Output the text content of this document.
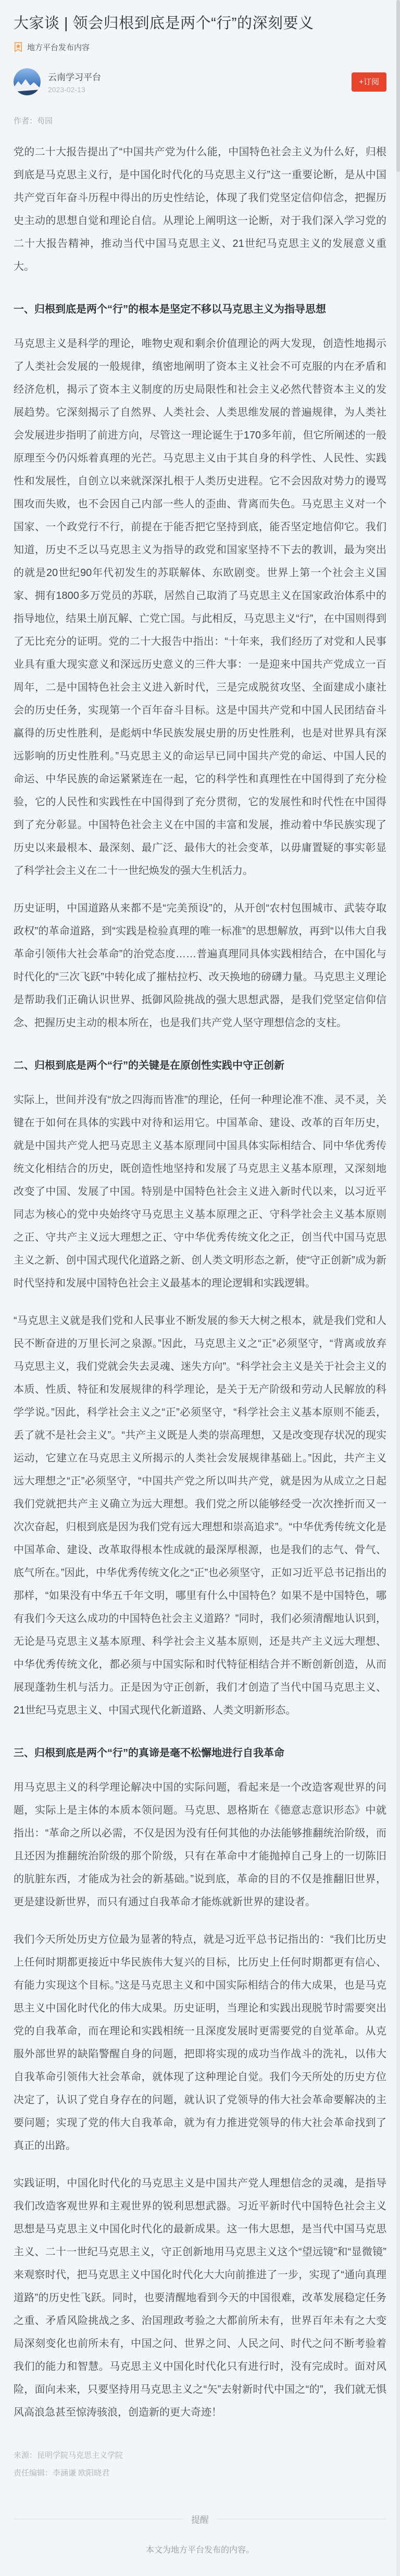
大家谈 | 领会归根到底是两个“行”的深刻要义
地方平台发布内容
云南学习平台
2023-02-13
+订阅
作者：苟园

党的二十大报告提出了“中国共产党为什么能，中国特色社会主义为什么好，归根到底是马克思主义行，是中国化时代化的马克思主义行”这一重要论断，是从中国共产党百年奋斗历程中得出的历史性结论，体现了我们党坚定信仰信念，把握历史主动的思想自觉和理论自信。从理论上阐明这一论断，对于我们深入学习党的二十大报告精神，推动当代中国马克思主义、21世纪马克思主义的发展意义重大。

一、归根到底是两个“行”的根本是坚定不移以马克思主义为指导思想

马克思主义是科学的理论，唯物史观和剩余价值理论的两大发现，创造性地揭示了人类社会发展的一般规律，缜密地阐明了资本主义社会不可克服的内在矛盾和经济危机，揭示了资本主义制度的历史局限性和社会主义必然代替资本主义的发展趋势。它深刻揭示了自然界、人类社会、人类思维发展的普遍规律，为人类社会发展进步指明了前进方向，尽管这一理论诞生于170多年前，但它所阐述的一般原理至今仍闪烁着真理的光芒。马克思主义由于其自身的科学性、人民性、实践性和发展性，自创立以来就深深扎根于人类历史进程。它不会因敌对势力的谩骂围攻而失败，也不会因自己内部一些人的歪曲、背离而失色。马克思主义对一个国家、一个政党行不行，前提在于能否把它坚持到底，能否坚定地信仰它。我们知道，历史不乏以马克思主义为指导的政党和国家坚持不下去的教训，最为突出的就是20世纪90年代初发生的苏联解体、东欧剧变。世界上第一个社会主义国家、拥有1800多万党员的苏联，居然自己取消了马克思主义在国家政治体系中的指导地位，结果土崩瓦解、亡党亡国。与此相反，马克思主义“行”，在中国则得到了无比充分的证明。党的二十大报告中指出：“十年来，我们经历了对党和人民事业具有重大现实意义和深远历史意义的三件大事：一是迎来中国共产党成立一百周年，二是中国特色社会主义进入新时代，三是完成脱贫攻坚、全面建成小康社会的历史任务，实现第一个百年奋斗目标。这是中国共产党和中国人民团结奋斗赢得的历史性胜利，是彪炳中华民族发展史册的历史性胜利，也是对世界具有深远影响的历史性胜利。”马克思主义的命运早已同中国共产党的命运、中国人民的命运、中华民族的命运紧紧连在一起，它的科学性和真理性在中国得到了充分检验，它的人民性和实践性在中国得到了充分贯彻，它的发展性和时代性在中国得到了充分彰显。中国特色社会主义在中国的丰富和发展，推动着中华民族实现了历史以来最根本、最深刻、最广泛、最伟大的社会变革，以毋庸置疑的事实彰显了科学社会主义在二十一世纪焕发的强大生机活力。

历史证明，中国道路从来都不是“完美预设”的，从开创“农村包围城市、武装夺取政权”的革命道路，到“实践是检验真理的唯一标准”的思想解放，再到“以伟大自我革命引领伟大社会革命”的治党态度……普遍真理同具体实践相结合，在中国化与时代化的“三次飞跃”中转化成了摧枯拉朽、改天换地的磅礴力量。马克思主义理论是帮助我们正确认识世界、抵御风险挑战的强大思想武器，是我们党坚定信仰信念、把握历史主动的根本所在，也是我们共产党人坚守理想信念的支柱。

二、归根到底是两个“行”的关键是在原创性实践中守正创新

实际上，世间并没有“放之四海而皆准”的理论，任何一种理论准不准、灵不灵，关键在于如何在具体的实践中对待和运用它。中国革命、建设、改革的百年历史，就是中国共产党人把马克思主义基本原理同中国具体实际相结合、同中华优秀传统文化相结合的历史，既创造性地坚持和发展了马克思主义基本原理，又深刻地改变了中国、发展了中国。特别是中国特色社会主义进入新时代以来，以习近平同志为核心的党中央始终守马克思主义基本原理之正、守科学社会主义基本原则之正、守共产主义远大理想之正、守中华优秀传统文化之正，创当代中国马克思主义之新、创中国式现代化道路之新、创人类文明形态之新，使“守正创新”成为新时代坚持和发展中国特色社会主义最基本的理论逻辑和实践逻辑。

“马克思主义就是我们党和人民事业不断发展的参天大树之根本，就是我们党和人民不断奋进的万里长河之泉源。”因此，马克思主义之“正”必须坚守，“背离或放弃马克思主义，我们党就会失去灵魂、迷失方向”。“科学社会主义是关于社会主义的本质、性质、特征和发展规律的科学理论，是关于无产阶级和劳动人民解放的科学学说。”因此，科学社会主义之“正”必须坚守，“科学社会主义基本原则不能丢，丢了就不是社会主义”。“共产主义既是人类的崇高理想，又是改变现存状况的现实运动，它建立在马克思主义所揭示的人类社会发展规律基础上。”因此，共产主义远大理想之“正”必须坚守，“中国共产党之所以叫共产党，就是因为从成立之日起我们党就把共产主义确立为远大理想。我们党之所以能够经受一次次挫折而又一次次奋起，归根到底是因为我们党有远大理想和崇高追求”。“中华优秀传统文化是中国革命、建设、改革取得根本性成就的最深厚根源，也是我们的志气、骨气、底气所在。”因此，中华优秀传统文化之“正”也必须坚守，正如习近平总书记指出的那样，“如果没有中华五千年文明，哪里有什么中国特色？如果不是中国特色，哪有我们今天这么成功的中国特色社会主义道路？”同时，我们必须清醒地认识到，无论是马克思主义基本原理、科学社会主义基本原则，还是共产主义远大理想、中华优秀传统文化，都必须与中国实际和时代特征相结合并不断创新创造，从而展现蓬勃生机与活力。正是因为守正创新，我们才创造了当代中国马克思主义、21世纪马克思主义、中国式现代化新道路、人类文明新形态。

三、归根到底是两个“行”的真谛是毫不松懈地进行自我革命

用马克思主义的科学理论解决中国的实际问题，看起来是一个改造客观世界的问题，实际上是主体的本质本领问题。马克思、恩格斯在《德意志意识形态》中就指出：“革命之所以必需，不仅是因为没有任何其他的办法能够推翻统治阶级，而且还因为推翻统治阶级的那个阶级，只有在革命中才能抛掉自己身上的一切陈旧的肮脏东西，才能成为社会的新基础。”说到底，革命的目的不仅是推翻旧世界，更是建设新世界，而只有通过自我革命才能炼就新世界的建设者。

我们今天所处历史方位最为显著的特点，就是习近平总书记指出的：“我们比历史上任何时期都更接近中华民族伟大复兴的目标，比历史上任何时期都更有信心、有能力实现这个目标。”这是马克思主义和中国实际相结合的伟大成果，也是马克思主义中国化时代化的伟大成果。历史证明，当理论和实践出现脱节时需要突出党的自我革命，而在理论和实践相统一且深度发展时更需要党的自觉革命。从克服外部世界的缺陷警醒自身的问题，把即将实现的成功当作战斗的洗礼，以伟大自我革命引领伟大社会革命，就体现了这种理论自觉。我们今天所处的历史方位决定了，认识了党自身存在的问题，就认识了党领导的伟大社会革命要解决的主要问题；实现了党的伟大自我革命，就为有力推进党领导的伟大社会革命找到了真正的出路。

实践证明，中国化时代化的马克思主义是中国共产党人理想信念的灵魂，是指导我们改造客观世界和主观世界的锐利思想武器。习近平新时代中国特色社会主义思想是马克思主义中国化时代化的最新成果。这一伟大思想，是当代中国马克思主义、二十一世纪马克思主义，守正创新地用马克思主义这个“望远镜”和“显微镜”来观察时代，把马克思主义中国化时代化大大向前推进了一步，实现了“通向真理道路”的历史性飞跃。同时，也要清醒地看到今天的中国很难，改革发展稳定任务之重、矛盾风险挑战之多、治国理政考验之大都前所未有，世界百年未有之大变局深刻变化也前所未有，中国之问、世界之问、人民之问、时代之问不断考验着我们的能力和智慧。马克思主义中国化时代化只有进行时，没有完成时。面对风险，面向未来，只要坚持用马克思主义之“矢”去射新时代中国之“的”，我们就无惧风高浪急甚至惊涛骇浪，创造新的更大奇迹！

来源：昆明学院马克思主义学院
责任编辑：李涵谦 欧阳晓君
提醒
本文为地方平台发布的内容。
